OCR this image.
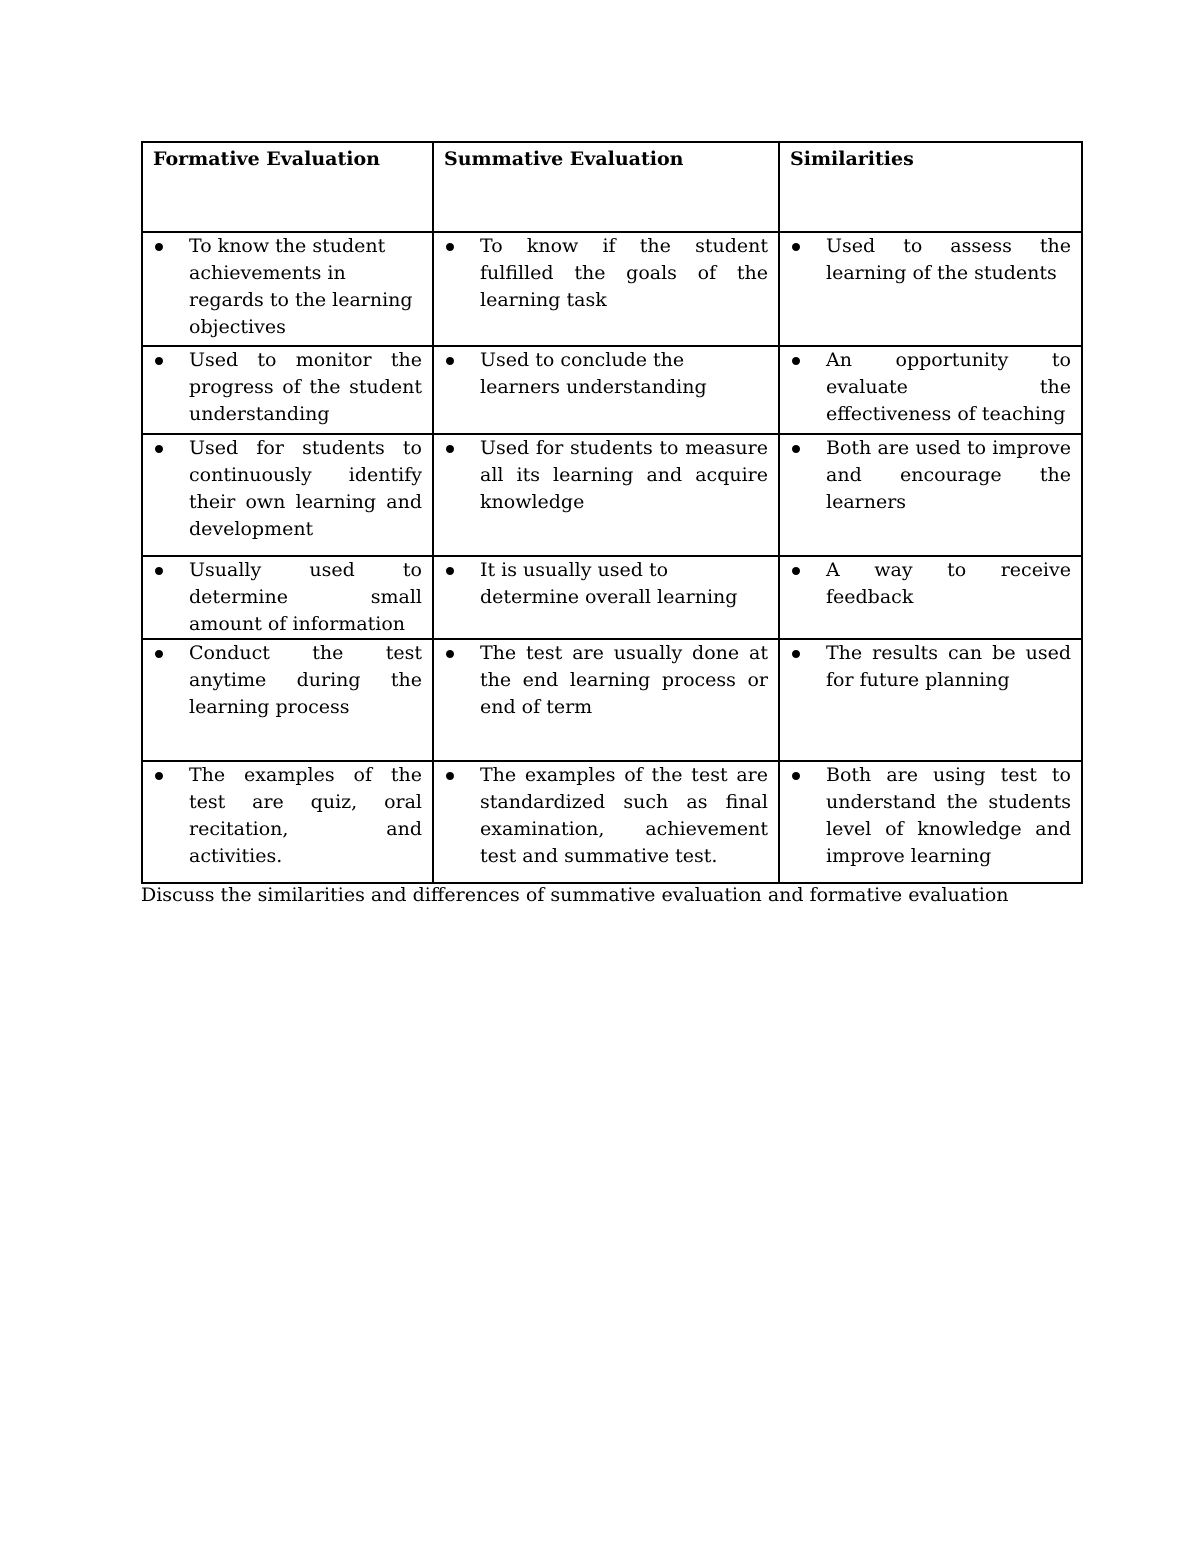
Formative Evaluation	Summative Evaluation	Similarities

To know the student achievements in regards to the learning objectives	To know if the student fulfilled the goals of the learning task	Used to assess the learning of the students

Used to monitor the progress of the student understanding	Used to conclude the learners understanding	An opportunity to evaluate the effectiveness of teaching

Used for students to continuously identify their own learning and development	Used for students to measure all its learning and acquire knowledge	Both are used to improve and encourage the learners

Usually used to determine small amount of information	It is usually used to determine overall learning	A way to receive feedback

Conduct the test anytime during the learning process	The test are usually done at the end learning process or end of term	The results can be used for future planning

The examples of the test are quiz, oral recitation, and activities.	The examples of the test are standardized such as final examination, achievement test and summative test.	Both are using test to understand the students level of knowledge and improve learning
Discuss the similarities and differences of summative evaluation and formative evaluation
